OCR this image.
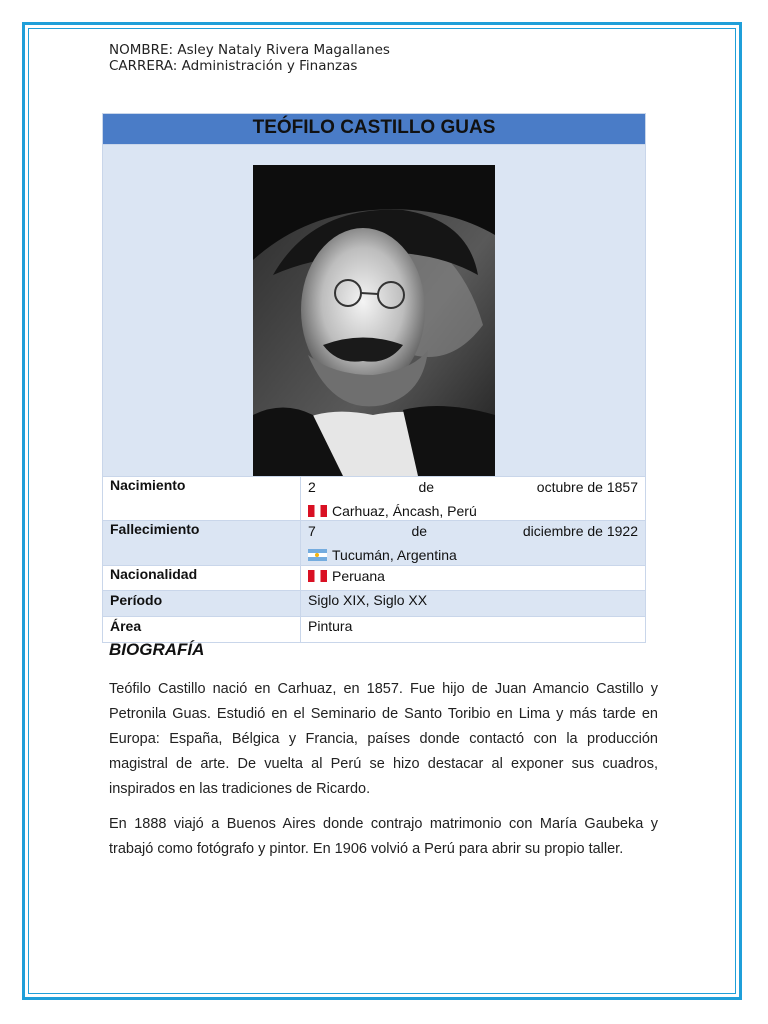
NOMBRE: Asley Nataly Rivera Magallanes
CARRERA: Administración y Finanzas
TEÓFILO CASTILLO GUAS	

Nacimiento	2 de octubre de 1857
Carhuaz, Áncash, Perú

Fallecimiento	7 de diciembre de 1922
Tucumán, Argentina

Nacionalidad	Peruana

Período	Siglo XIX, Siglo XX
Área	Pintura
BIOGRAFÍA

Teófilo Castillo nació en Carhuaz, en 1857. Fue hijo de Juan Amancio Castillo y Petronila Guas. Estudió en el Seminario de Santo Toribio en Lima y más tarde en Europa: España, Bélgica y Francia, países donde contactó con la producción magistral de arte. De vuelta al Perú se hizo destacar al exponer sus cuadros, inspirados en las tradiciones de Ricardo.

En 1888 viajó a Buenos Aires donde contrajo matrimonio con María Gaubeka y trabajó como fotógrafo y pintor. En 1906 volvió a Perú para abrir su propio taller.
